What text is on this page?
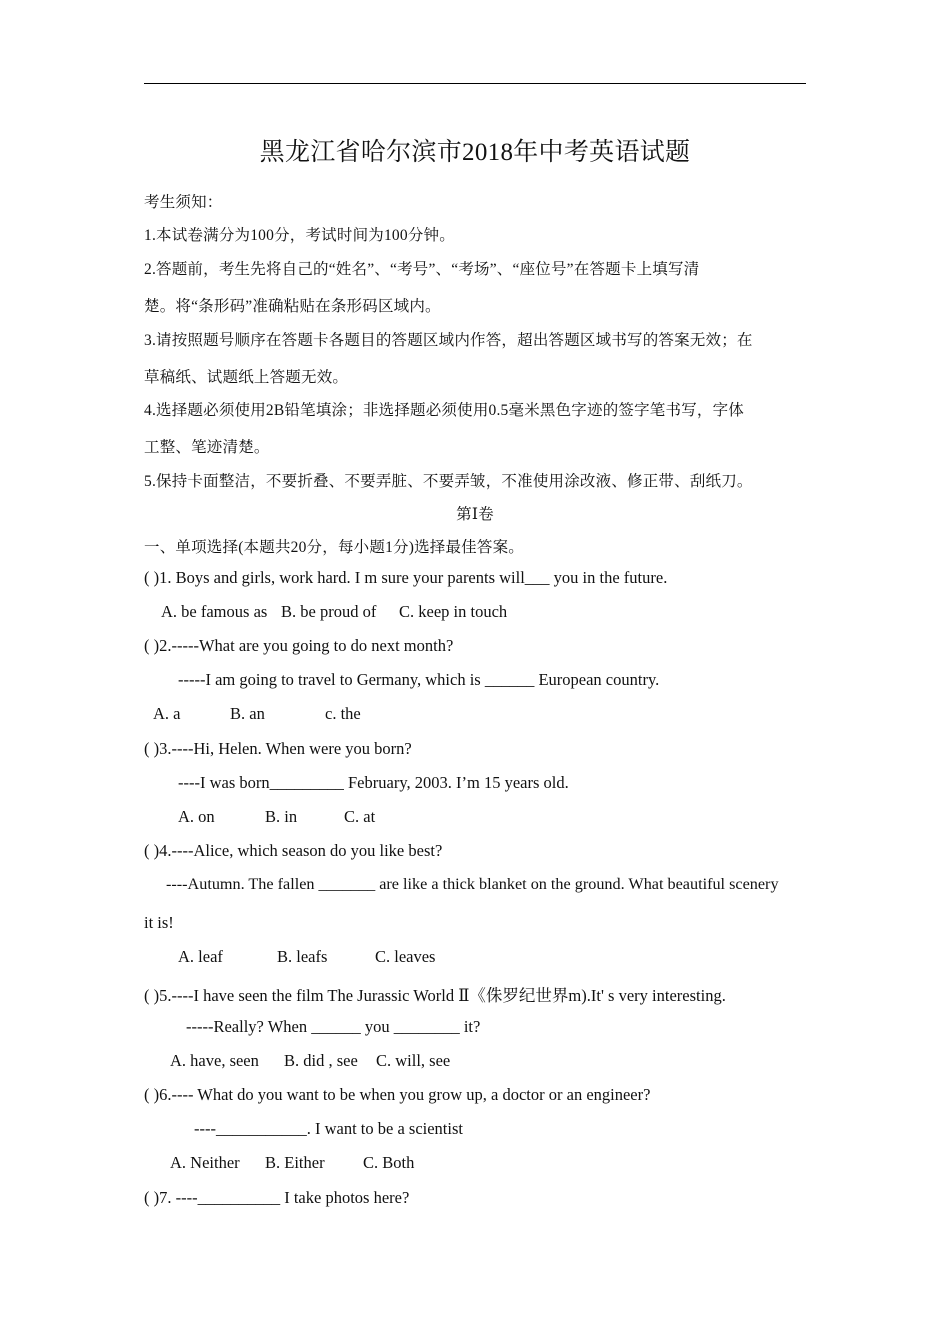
黑龙江省哈尔滨市2018年中考英语试题
考生须知：
1.本试卷满分为100分，考试时间为100分钟。
2.答题前，考生先将自己的“姓名”、“考号”、“考场”、“座位号”在答题卡上填写清
楚。将“条形码”准确粘贴在条形码区域内。
3.请按照题号顺序在答题卡各题目的答题区域内作答，超出答题区域书写的答案无效；在
草稿纸、试题纸上答题无效。
4.选择题必须使用2B铅笔填涂；非选择题必须使用0.5毫米黑色字迹的签字笔书写，字体
工整、笔迹清楚。
5.保持卡面整洁，不要折叠、不要弄脏、不要弄皱，不准使用涂改液、修正带、刮纸刀。
第Ⅰ卷
一、单项选择(本题共20分，每小题1分)选择最佳答案。
( )1. Boys and girls, work hard. I m sure your parents will___ you in the future.
A. be famous as B. be proud of C. keep in touch
( )2.-----What are you going to do next month?
-----I am going to travel to Germany, which is ______ European country.
A. a	B. an	c. the
( )3.----Hi, Helen. When were you born?
----I was born_________ February, 2003. I’m 15 years old.
A. on	B. in	C. at
( )4.----Alice, which season do you like best?
----Autumn. The fallen _______ are like a thick blanket on the ground. What beautiful scenery
it is!
A. leaf	B. leafs	C. leaves
( )5.----I have seen the film The Jurassic World Ⅱ《侏罗纪世界m).It' s very interesting.
-----Really? When ______ you ________ it?
A. have, seen B. did , see C. will, see
( )6.---- What do you want to be when you grow up, a doctor or an engineer?
----___________. I want to be a scientist
A. Neither B. Either C. Both
( )7. ----__________ I take photos here?
